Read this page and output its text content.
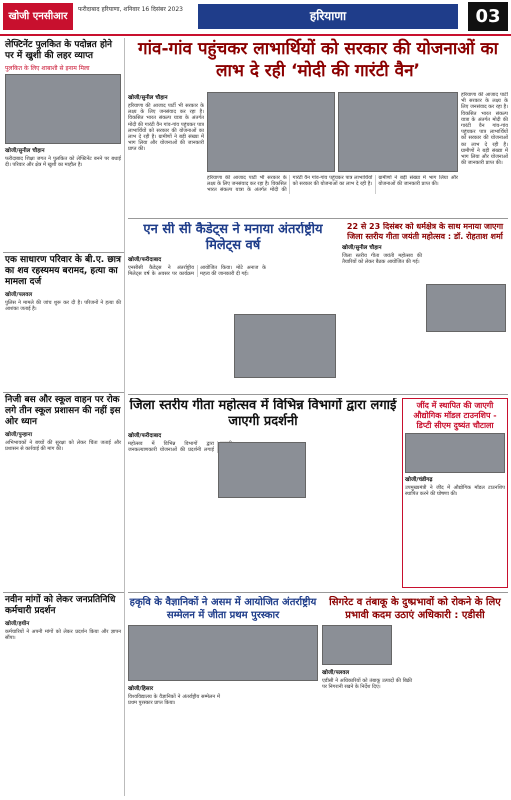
खोजी एनसीआर
फरीदाबाद हरियाणा, शनिवार 16 दिसंबर 2023	हरियाणा	03
लेफ्टिनेंट पुलकित के पदोन्नत होने पर में खुशी की लहर व्याप्त
पुलकित के लिए शाबाशी से इनाम मिला
खोजी/सुनील चौहान

फरीदाबाद शिक्षा जगत ने पुलकित को लेफ्टिनेंट बनने पर बधाई दी। परिवार और क्षेत्र में खुशी का माहौल है।

एक साधारण परिवार के बी.ए. छात्र का शव रहस्यमय बरामद, हत्या का मामला दर्ज
खोजी/पलवल

पुलिस ने मामले की जांच शुरू कर दी है। परिजनों ने हत्या की आशंका जताई है।

निजी बस और स्कूल वाहन पर रोक लगे तीन स्कूल प्रशासन की नहीं इस ओर ध्यान
खोजी/पुन्हाना

अभिभावकों ने बच्चों की सुरक्षा को लेकर चिंता जताई और प्रशासन से कार्रवाई की मांग की।

नवीन मांगों को लेकर जनप्रतिनिधि कर्मचारी प्रदर्शन
खोजी/हथीन

कर्मचारियों ने अपनी मांगों को लेकर प्रदर्शन किया और ज्ञापन सौंपा।

गांव-गांव पहुंचकर लाभार्थियों को सरकार की योजनाओं का लाभ दे रही ‘मोदी की गारंटी वैन’
खोजी/सुनील चौहान

हरियाणा की आजाद पार्टी भी सरकार के लक्ष्य के लिए जनसंवाद कर रहा है। विकसित भारत संकल्प यात्रा के अंतर्गत मोदी की गारंटी वैन गांव-गांव पहुंचकर पात्र लाभार्थियों को सरकार की योजनाओं का लाभ दे रही है। ग्रामीणों ने बड़ी संख्या में भाग लिया और योजनाओं की जानकारी प्राप्त की।

हरियाणा की आजाद पार्टी भी सरकार के लक्ष्य के लिए जनसंवाद कर रहा है। विकसित भारत संकल्प यात्रा के अंतर्गत मोदी की गारंटी वैन गांव-गांव पहुंचकर पात्र लाभार्थियों को सरकार की योजनाओं का लाभ दे रही है। ग्रामीणों ने बड़ी संख्या में भाग लिया और योजनाओं की जानकारी प्राप्त की।

हरियाणा की आजाद पार्टी भी सरकार के लक्ष्य के लिए जनसंवाद कर रहा है। विकसित भारत संकल्प यात्रा के अंतर्गत मोदी की गारंटी वैन गांव-गांव पहुंचकर पात्र लाभार्थियों को सरकार की योजनाओं का लाभ दे रही है। ग्रामीणों ने बड़ी संख्या में भाग लिया और योजनाओं की जानकारी प्राप्त की।

एन सी सी कैडेट्स ने मनाया अंतर्राष्ट्रीय मिलेट्स वर्ष
खोजी/फरीदाबाद

एनसीसी कैडेट्स ने अंतर्राष्ट्रीय मिलेट्स वर्ष के अवसर पर कार्यक्रम आयोजित किया। मोटे अनाज के महत्व की जानकारी दी गई।

22 से 23 दिसंबर को धर्मक्षेत्र के साथ मनाया जाएगा जिला स्तरीय गीता जयंती महोत्सव : डॉ. रोहताश शर्मा
खोजी/सुनील चौहान

जिला स्तरीय गीता जयंती महोत्सव की तैयारियों को लेकर बैठक आयोजित की गई।

जिला स्तरीय गीता महोत्सव में विभिन्न विभागों द्वारा लगाई जाएगी प्रदर्शनी
खोजी/फरीदाबाद

महोत्सव में विभिन्न विभागों द्वारा जनकल्याणकारी योजनाओं की प्रदर्शनी लगाई

जींद में स्थापित की जाएगी औद्योगिक मॉडल टाउनशिप - डिप्टी सीएम दुष्यंत चौटाला
खोजी/चंडीगढ़

उपमुख्यमंत्री ने जींद में औद्योगिक मॉडल टाउनशिप स्थापित करने की घोषणा की।

हकृवि के वैज्ञानिकों ने असम में आयोजित अंतर्राष्ट्रीय सम्मेलन में जीता प्रथम पुरस्कार
खोजी/हिसार

विश्वविद्यालय के वैज्ञानिकों ने अंतर्राष्ट्रीय सम्मेलन में प्रथम पुरस्कार प्राप्त किया।

सिगरेट व तंबाकू के दुष्प्रभावों को रोकने के लिए प्रभावी कदम उठाएं अधिकारी : एडीसी
खोजी/पलवल

एडीसी ने अधिकारियों को तंबाकू उत्पादों की बिक्री पर निगरानी रखने के निर्देश दिए।
